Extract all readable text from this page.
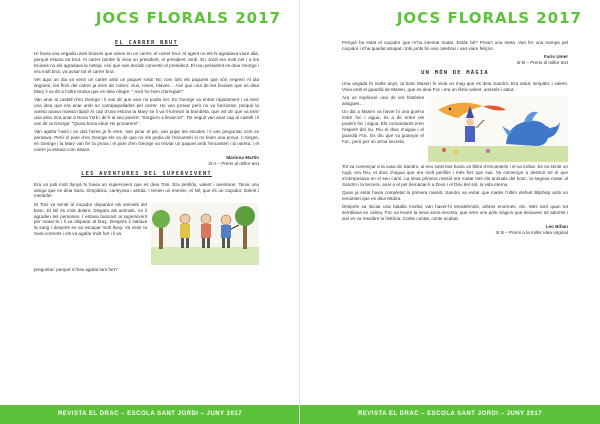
JOCS FLORALS 2017
EL CARRER BRUT

Hi havia una vegada unes bruixes que vivien en un carrer, el carrer brut. Al agent no els hi agradava viure allà, perquè estava tot brut. Al carrer també hi vivia un president, el president Jordi. En Jordi era molt net i a les bruixes no els agradava la neteja. Així que van decidir convertir el president. El nou president es deia George i era molt brut, va posar tot el carrer brut.

Vet aquí un dia va venir un carter amb un paquet rosa! No com tots els paquets que són negres! Al dia següent, les flors del carrer ja eren de colors: vius, roses, blaves… Així que una de les bruixes que es deia Mary li va dir a l’altre bruixa que es deia Alegre: “ Això ho hem d’arreglar!”.

Van anar al castell d’en George i li van dir que això no podia ser. En George va entrar ràpidament i va tenir una idea que era anar amb un carrapapallades pel carrer. Ho van provar però no va funcionar, perquè la vareta anava massa ràpid! Al cap d’una estona la Mary se li va il·luminar la bombeta, que vol dir que va tenir una idea. Era anar a Nova York i dir-li al seu parent: “Sorgà-lo a llevar-lo!”. Tot seguit van anar cap al castell i li van dir al George: “Quina bona idea! Ho provarem!”.

Van agafar l’avió i en dos hores ja hi eren. Van picar al pis, van pujar les escales i li van preguntar com es pensava. Però el pare d’en George els va dir que no els podia dir l’encanteri si no feien una prova. L’Alegre, en George i la Mary van fer la prova i el pare d’en George va enviar un paquet amb l’encanteri i la vareta, i el carrer ja estava com abans.

Mariona Martín
3r A – Premi al millor text
LES AVENTURES DEL SUPERVIVENT

Era un poli molt llunyà hi havia un supervivent que es deia Toni. Era perillós, valent i aventurer. Tenia una amiga que es deia Sara. Simpàtica, carinyosa i astuta. I tenien un enemic, el Nil, que és un caçador, dolent i mentider.

El Toni va sentir al caçador disparant als animals del bosc. El Nil és molt dolent. Dispara als animals, no li agraden les persones. I estava buscant al supervivent per matar-lo i li va disparar al braç. Després li saltava la sang i després es va escapar molt lluny. Va venir la Sara corrents i els va agafar molt fort i li va

preguntar: perquè m’has agafat tant fort?

REVISTA EL DRAC – ESCOLA SANT JORDI – JUNY 2017
JOCS FLORALS 2017

Perquè ha estat el caçador que m’ha intentat matar. Estàs bé? Posa’t una tireta. Van fer una trampa pel caçador i s’ha quedat atrapat i tots junts ho van celebrar i van viure feliços.

Faris Umer
3r B – Premi al millor text
UN MÓN DE MÀGIA

Una vegada fa molts anys, al bosc Masen hi vivia un mag que es deia Sandro. Era astut, simpàtic i valent. Vivia amb el guardià de Masen, que es deia Foc i era un fènix valent, amistós i astut.

Ara us explicaré una de les històries antigues…

Un dia a Masen va haver hi una guerra entre foc i aigua, és a dir entre els poders foc i aigua. Els comandants eren l’esperit del riu, Riu el drac d’aigua i el guardià Foc. Es diu que va guanyar el Foc, però per un arma secreta.

Tot va començar a la casa de Sandro, al seu soterrani havia un llibre d’encanteris i el va trobar. Es va sentir un rugit, era Riu, el drac d’aigua que era molt perillós i més fort que mai. Va començar a destruir tot el que s’interposava en el seu camí. La seva primera missió era matar tots els animals del bosc, la segona matar al Sandro i la tercera, anar a el pel demanar-li a Zeus i el Déu del sol, la vida eterna.

Quan ja estat havia completat la primera missió, Sandro va evitar que matés l’últim elefant Bilphisp amb un encanteri que es deia Mubra.

Després va iniciar una batalla mortal, van haver-hi terratrèmols, arbres enormes, etc. Més tard quan tot semblava en calma, Foc va treure la seva arma secreta, que eren uns pols màgics que deixaven tot adormit i així es va resoldre la història. Conte contat, conte acabat.

Leo Bihan
3r B – Premi a la millor idea original
REVISTA EL DRAC – ESCOLA SANT JORDI – JUNY 2017
